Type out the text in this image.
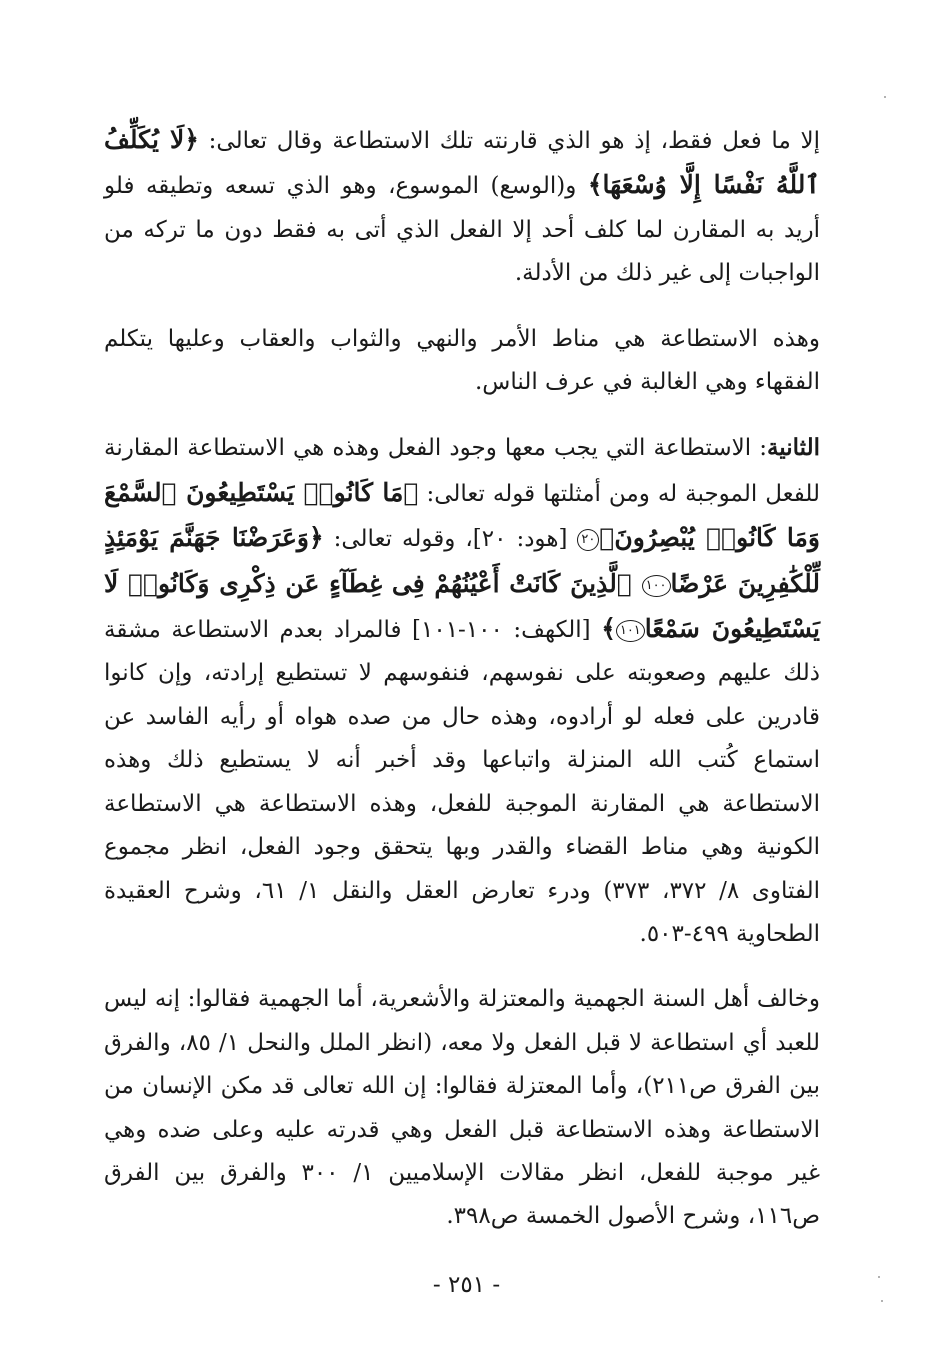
إلا ما فعل فقط، إذ هو الذي قارنته تلك الاستطاعة وقال تعالى: ﴿لَا يُكَلِّفُ ٱللَّهُ نَفْسًا إِلَّا وُسْعَهَا﴾ و(الوسع) الموسوع، وهو الذي تسعه وتطيقه فلو أريد به المقارن لما كلف أحد إلا الفعل الذي أتى به فقط دون ما تركه من الواجبات إلى غير ذلك من الأدلة.

وهذه الاستطاعة هي مناط الأمر والنهي والثواب والعقاب وعليها يتكلم الفقهاء وهي الغالبة في عرف الناس.

الثانية: الاستطاعة التي يجب معها وجود الفعل وهذه هي الاستطاعة المقارنة للفعل الموجبة له ومن أمثلتها قوله تعالى: ﴿مَا كَانُوا۟ يَسْتَطِيعُونَ ٱلسَّمْعَ وَمَا كَانُوا۟ يُبْصِرُونَ﴾٢٠ [هود: ٢٠]، وقوله تعالى: ﴿وَعَرَضْنَا جَهَنَّمَ يَوْمَئِذٍ لِّلْكَٰفِرِينَ عَرْضًا١٠٠ ٱلَّذِينَ كَانَتْ أَعْيُنُهُمْ فِى غِطَآءٍ عَن ذِكْرِى وَكَانُوا۟ لَا يَسْتَطِيعُونَ سَمْعًا١٠١﴾ [الكهف: ١٠٠-١٠١] فالمراد بعدم الاستطاعة مشقة ذلك عليهم وصعوبته على نفوسهم، فنفوسهم لا تستطيع إرادته، وإن كانوا قادرين على فعله لو أرادوه، وهذه حال من صده هواه أو رأيه الفاسد عن استماع كُتب الله المنزلة واتباعها وقد أخبر أنه لا يستطيع ذلك وهذه الاستطاعة هي المقارنة الموجبة للفعل، وهذه الاستطاعة هي الاستطاعة الكونية وهي مناط القضاء والقدر وبها يتحقق وجود الفعل، انظر مجموع الفتاوى ٨/ ٣٧٢، ٣٧٣) ودرء تعارض العقل والنقل ١/ ٦١، وشرح العقيدة الطحاوية ٤٩٩-٥٠٣.

وخالف أهل السنة الجهمية والمعتزلة والأشعرية، أما الجهمية فقالوا: إنه ليس للعبد أي استطاعة لا قبل الفعل ولا معه، (انظر الملل والنحل ١/ ٨٥، والفرق بين الفرق ص٢١١)، وأما المعتزلة فقالوا: إن الله تعالى قد مكن الإنسان من الاستطاعة وهذه الاستطاعة قبل الفعل وهي قدرته عليه وعلى ضده وهي غير موجبة للفعل، انظر مقالات الإسلاميين ١/ ٣٠٠ والفرق بين الفرق ص١١٦، وشرح الأصول الخمسة ص٣٩٨.

- ٢٥١ -
